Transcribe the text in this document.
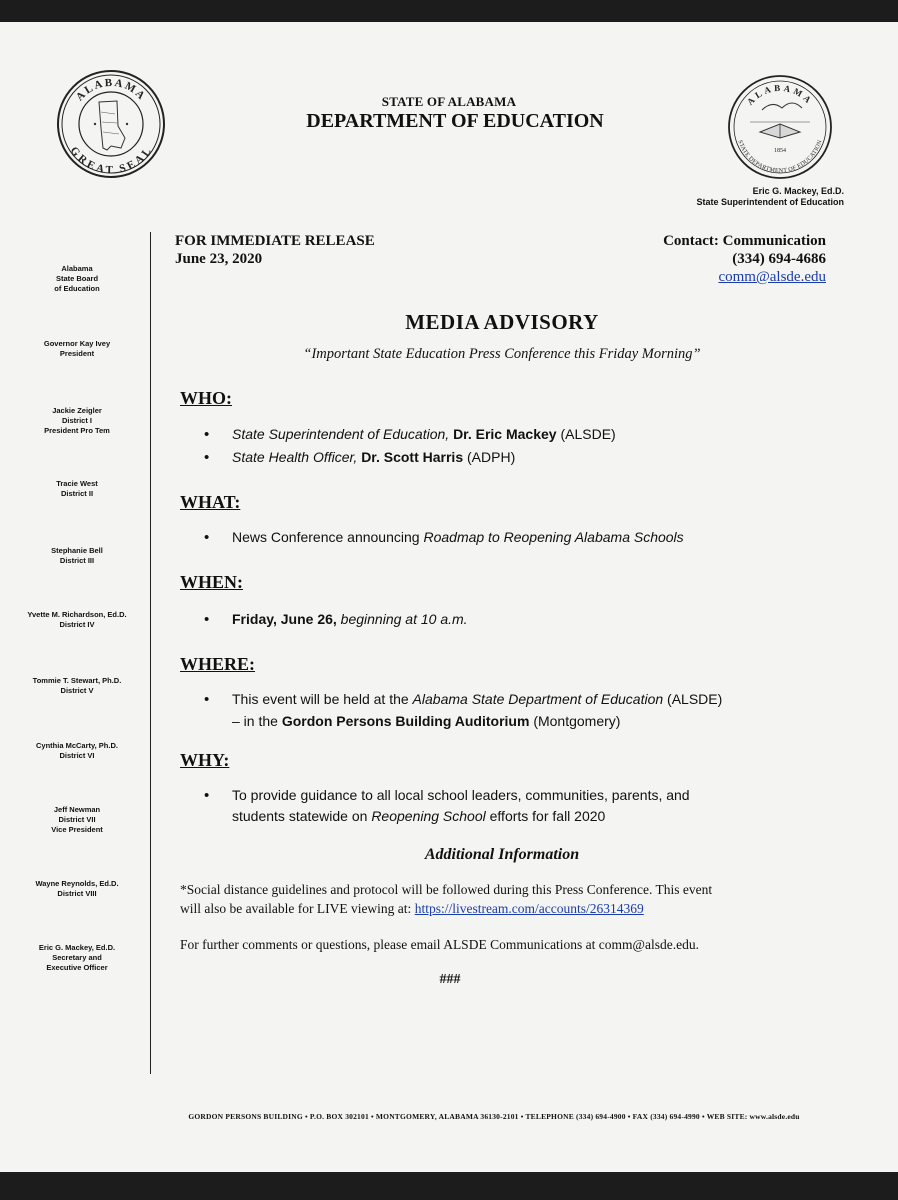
ALABAMA
GREAT SEAL
ALABAMA
STATE DEPARTMENT OF EDUCATION
1854
STATE OF ALABAMA
DEPARTMENT OF EDUCATION
Eric G. Mackey, Ed.D.
State Superintendent of Education
Alabama
State Board
of Education
Governor Kay Ivey
President
Jackie Zeigler
District I
President Pro Tem
Tracie West
District II
Stephanie Bell
District III
Yvette M. Richardson, Ed.D.
District IV
Tommie T. Stewart, Ph.D.
District V
Cynthia McCarty, Ph.D.
District VI
Jeff Newman
District VII
Vice President
Wayne Reynolds, Ed.D.
District VIII
Eric G. Mackey, Ed.D.
Secretary and
Executive Officer
FOR IMMEDIATE RELEASE
June 23, 2020
Contact: Communication
(334) 694-4686
comm@alsde.edu
MEDIA ADVISORY
“Important State Education Press Conference this Friday Morning”
WHO:
• State Superintendent of Education, Dr. Eric Mackey (ALSDE)
• State Health Officer, Dr. Scott Harris (ADPH)
WHAT:
• News Conference announcing Roadmap to Reopening Alabama Schools
WHEN:
• Friday, June 26, beginning at 10 a.m.
WHERE:
• This event will be held at the Alabama State Department of Education (ALSDE)
– in the Gordon Persons Building Auditorium (Montgomery)
WHY:
• To provide guidance to all local school leaders, communities, parents, and
students statewide on Reopening School efforts for fall 2020
Additional Information
*Social distance guidelines and protocol will be followed during this Press Conference. This event
will also be available for LIVE viewing at: https://livestream.com/accounts/26314369
For further comments or questions, please email ALSDE Communications at comm@alsde.edu.
###
GORDON PERSONS BUILDING • P.O. BOX 302101 • MONTGOMERY, ALABAMA 36130-2101 • TELEPHONE (334) 694-4900 • FAX (334) 694-4990 • WEB SITE: www.alsde.edu
